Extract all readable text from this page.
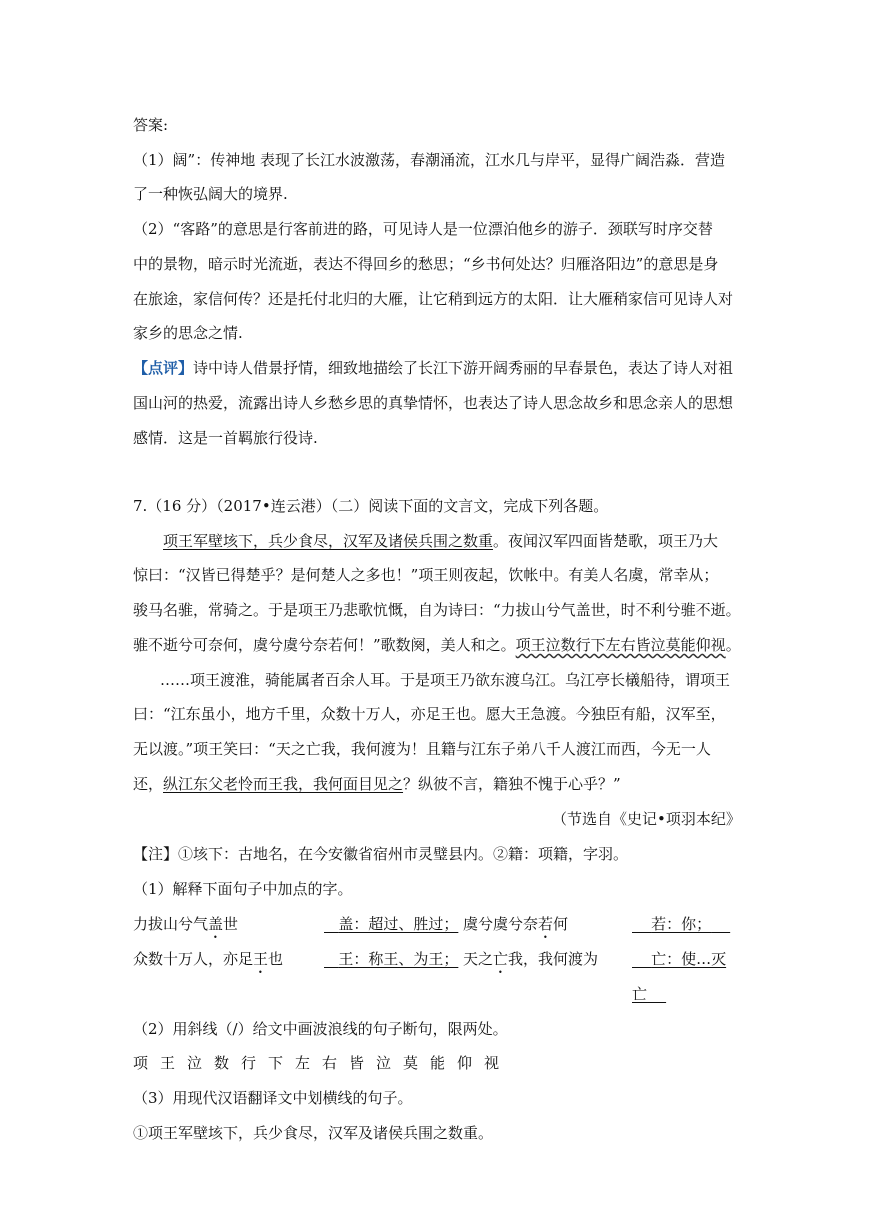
答案:
（1）阔”：传神地 表现了长江水波激荡，春潮涌流，江水几与岸平，显得广阔浩淼．营造
了一种恢弘阔大的境界.
（2）“客路”的意思是行客前进的路，可见诗人是一位漂泊他乡的游子．颈联写时序交替
中的景物，暗示时光流逝，表达不得回乡的愁思；“乡书何处达？归雁洛阳边”的意思是身
在旅途，家信何传？还是托付北归的大雁，让它稍到远方的太阳．让大雁稍家信可见诗人对
家乡的思念之情.
【点评】诗中诗人借景抒情，细致地描绘了长江下游开阔秀丽的早春景色，表达了诗人对祖
国山河的热爱，流露出诗人乡愁乡思的真挚情怀，也表达了诗人思念故乡和思念亲人的思想
感情．这是一首羁旅行役诗.
7.（16 分）（2017•连云港）（二）阅读下面的文言文，完成下列各题。
项王军壁垓下，兵少食尽，汉军及诸侯兵围之数重。夜闻汉军四面皆楚歌，项王乃大
惊曰：“汉皆已得楚乎？是何楚人之多也！”项王则夜起，饮帐中。有美人名虞，常幸从；
骏马名骓，常骑之。于是项王乃悲歌忼慨，自为诗曰：“力拔山兮气盖世，时不利兮骓不逝。
骓不逝兮可奈何，虞兮虞兮奈若何！”歌数阕，美人和之。项王泣数行下左右皆泣莫能仰视。
……项王渡淮，骑能属者百余人耳。于是项王乃欲东渡乌江。乌江亭长檥船待，谓项王
曰：“江东虽小，地方千里，众数十万人，亦足王也。愿大王急渡。今独臣有船，汉军至，
无以渡。”项王笑曰：“天之亡我，我何渡为！且籍与江东子弟八千人渡江而西，今无一人
还，纵江东父老怜而王我，我何面目见之？纵彼不言，籍独不愧于心乎？”
（节选自《史记•项羽本纪》
【注】①垓下：古地名，在今安徽省宿州市灵璧县内。②籍：项籍，字羽。
（1）解释下面句子中加点的字。
力拔山兮气盖世	盖：超过、胜过； 虞兮虞兮奈若何	若：你；
众数十万人，亦足王也	王：称王、为王； 天之亡我，我何渡为	亡：使…灭
亡
（2）用斜线（/）给文中画波浪线的句子断句，限两处。
项王泣数行下左右皆泣莫能仰视
（3）用现代汉语翻译文中划横线的句子。
①项王军壁垓下，兵少食尽，汉军及诸侯兵围之数重。
